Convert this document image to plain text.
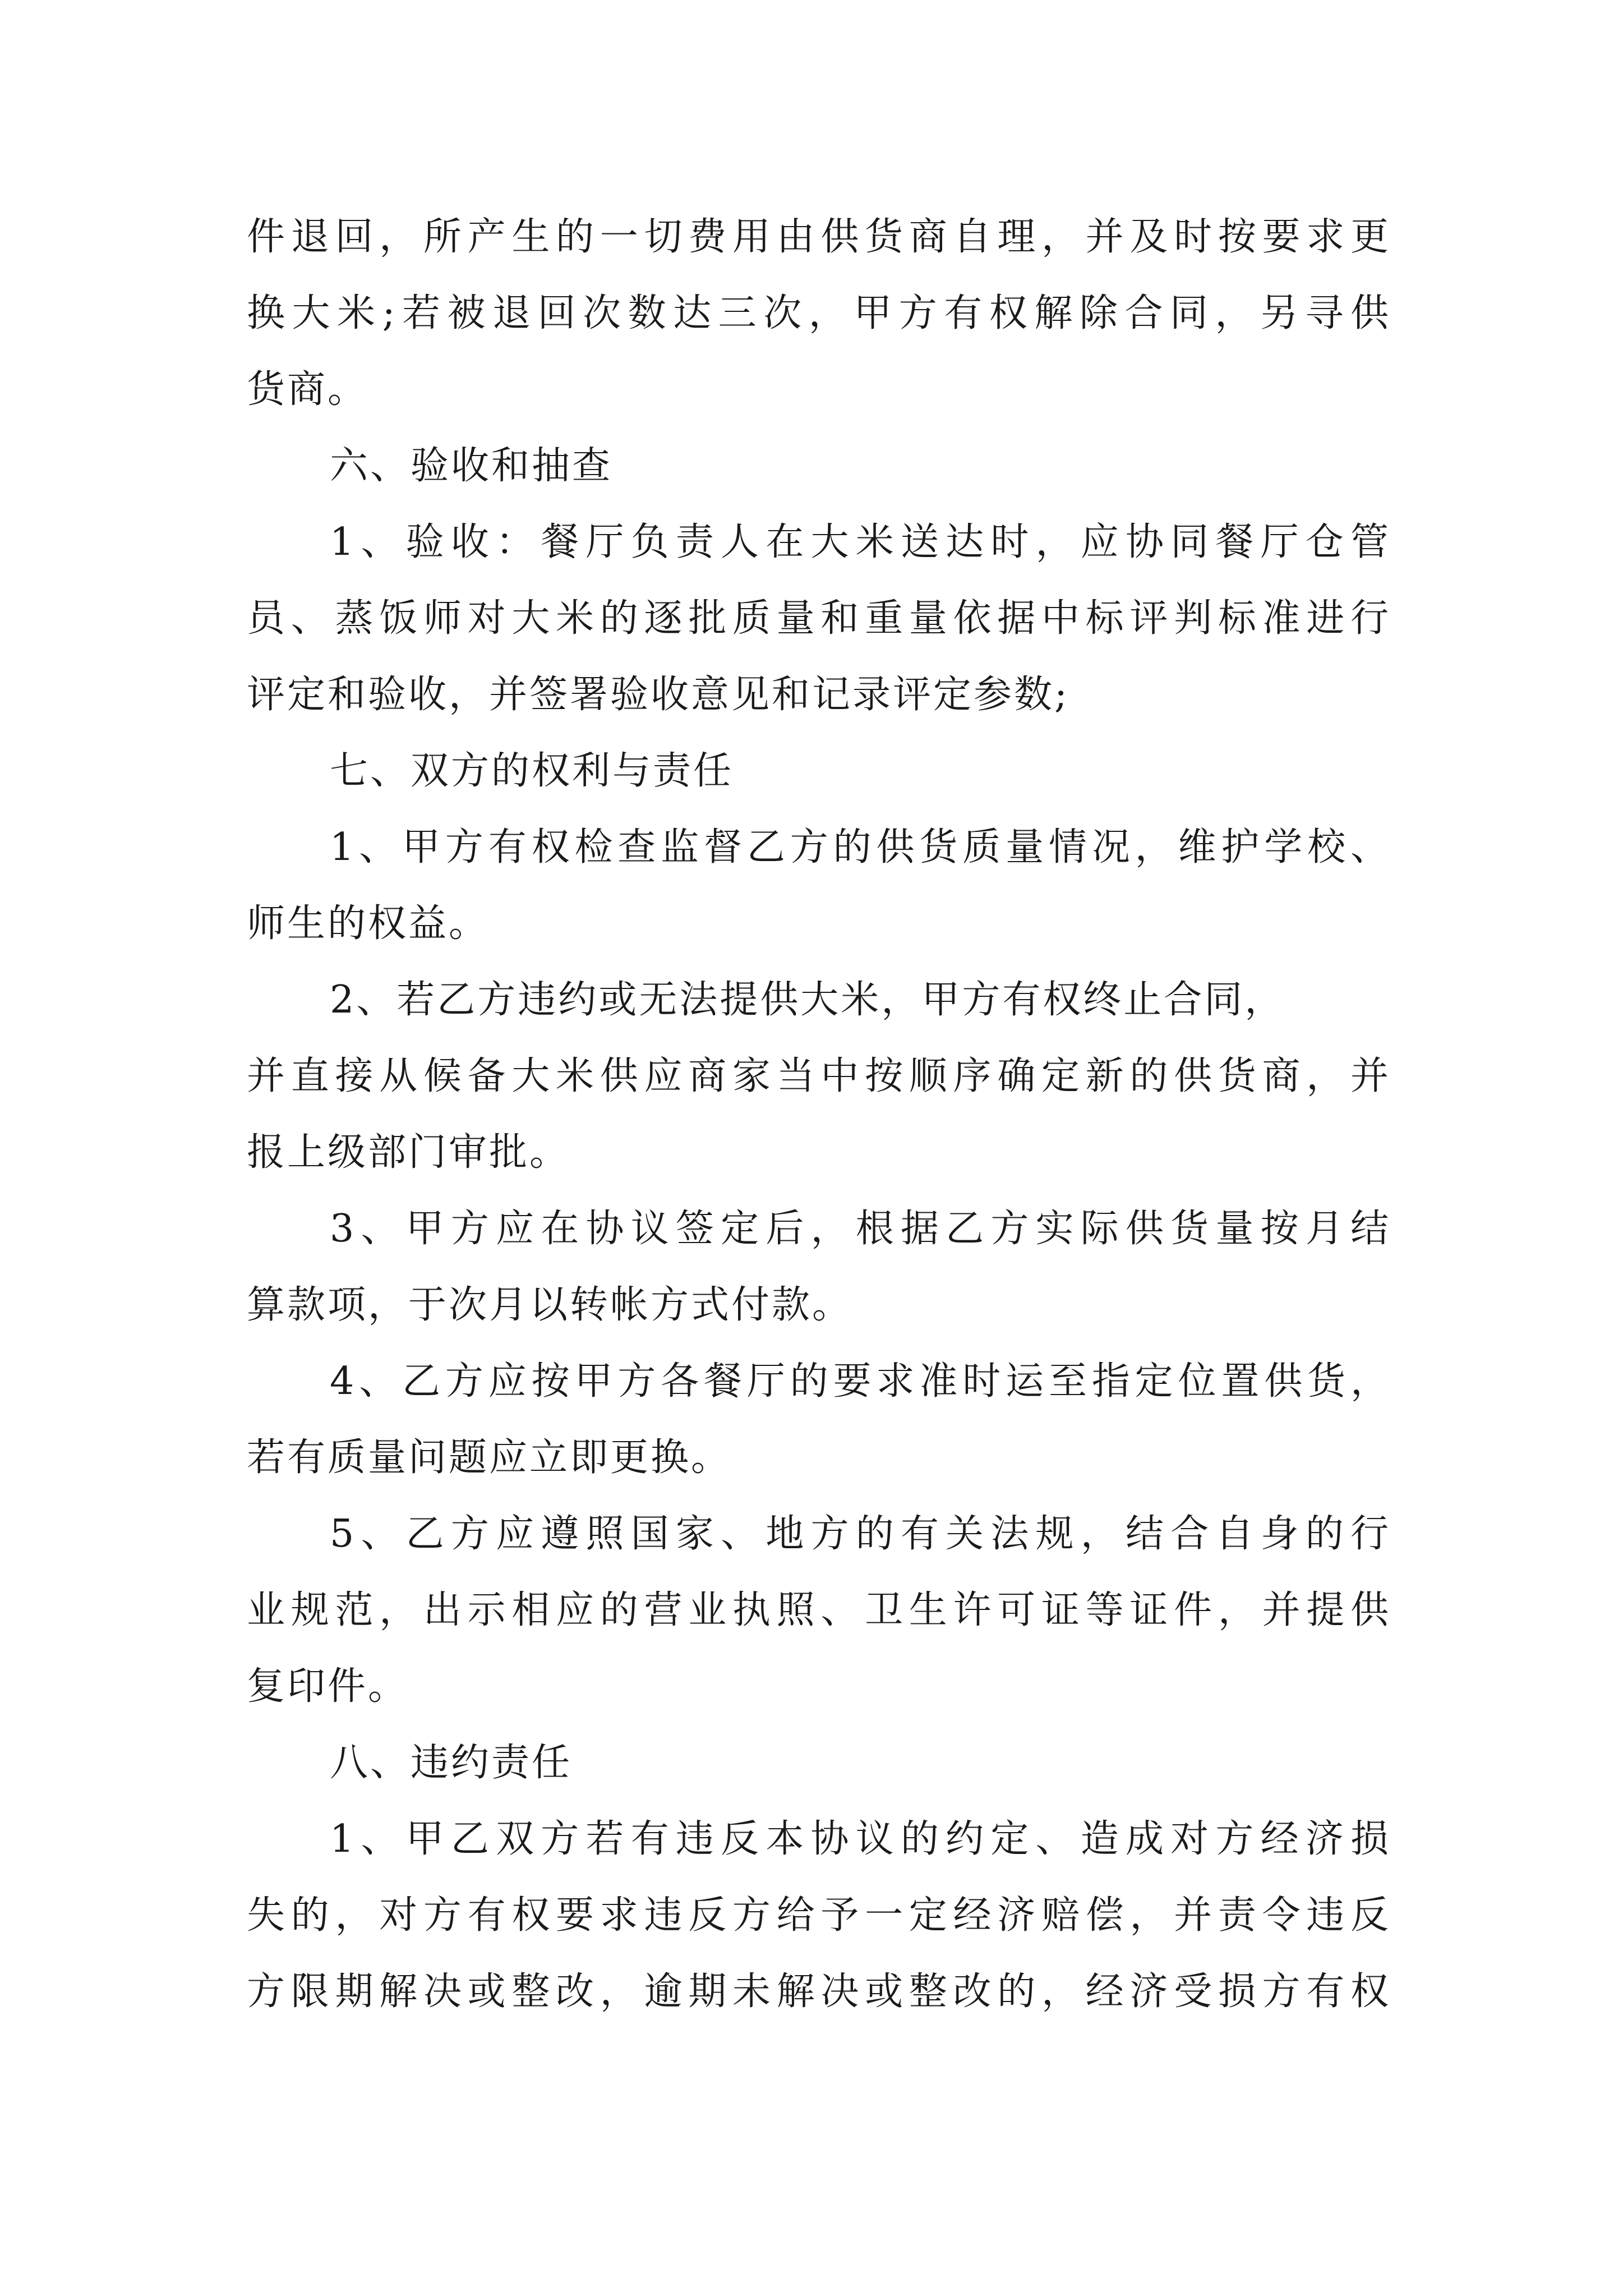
件退回，所产生的一切费用由供货商自理，并及时按要求更
换大米;若被退回次数达三次，甲方有权解除合同，另寻供
货商。
六、验收和抽查
1、验收：餐厅负责人在大米送达时，应协同餐厅仓管
员、蒸饭师对大米的逐批质量和重量依据中标评判标准进行
评定和验收，并签署验收意见和记录评定参数;
七、双方的权利与责任
1、甲方有权检查监督乙方的供货质量情况，维护学校、
师生的权益。
2、若乙方违约或无法提供大米，甲方有权终止合同，
并直接从候备大米供应商家当中按顺序确定新的供货商，并
报上级部门审批。
3、甲方应在协议签定后，根据乙方实际供货量按月结
算款项，于次月以转帐方式付款。
4、乙方应按甲方各餐厅的要求准时运至指定位置供货，
若有质量问题应立即更换。
5、乙方应遵照国家、地方的有关法规，结合自身的行
业规范，出示相应的营业执照、卫生许可证等证件，并提供
复印件。
八、违约责任
1、甲乙双方若有违反本协议的约定、造成对方经济损
失的，对方有权要求违反方给予一定经济赔偿，并责令违反
方限期解决或整改，逾期未解决或整改的，经济受损方有权
